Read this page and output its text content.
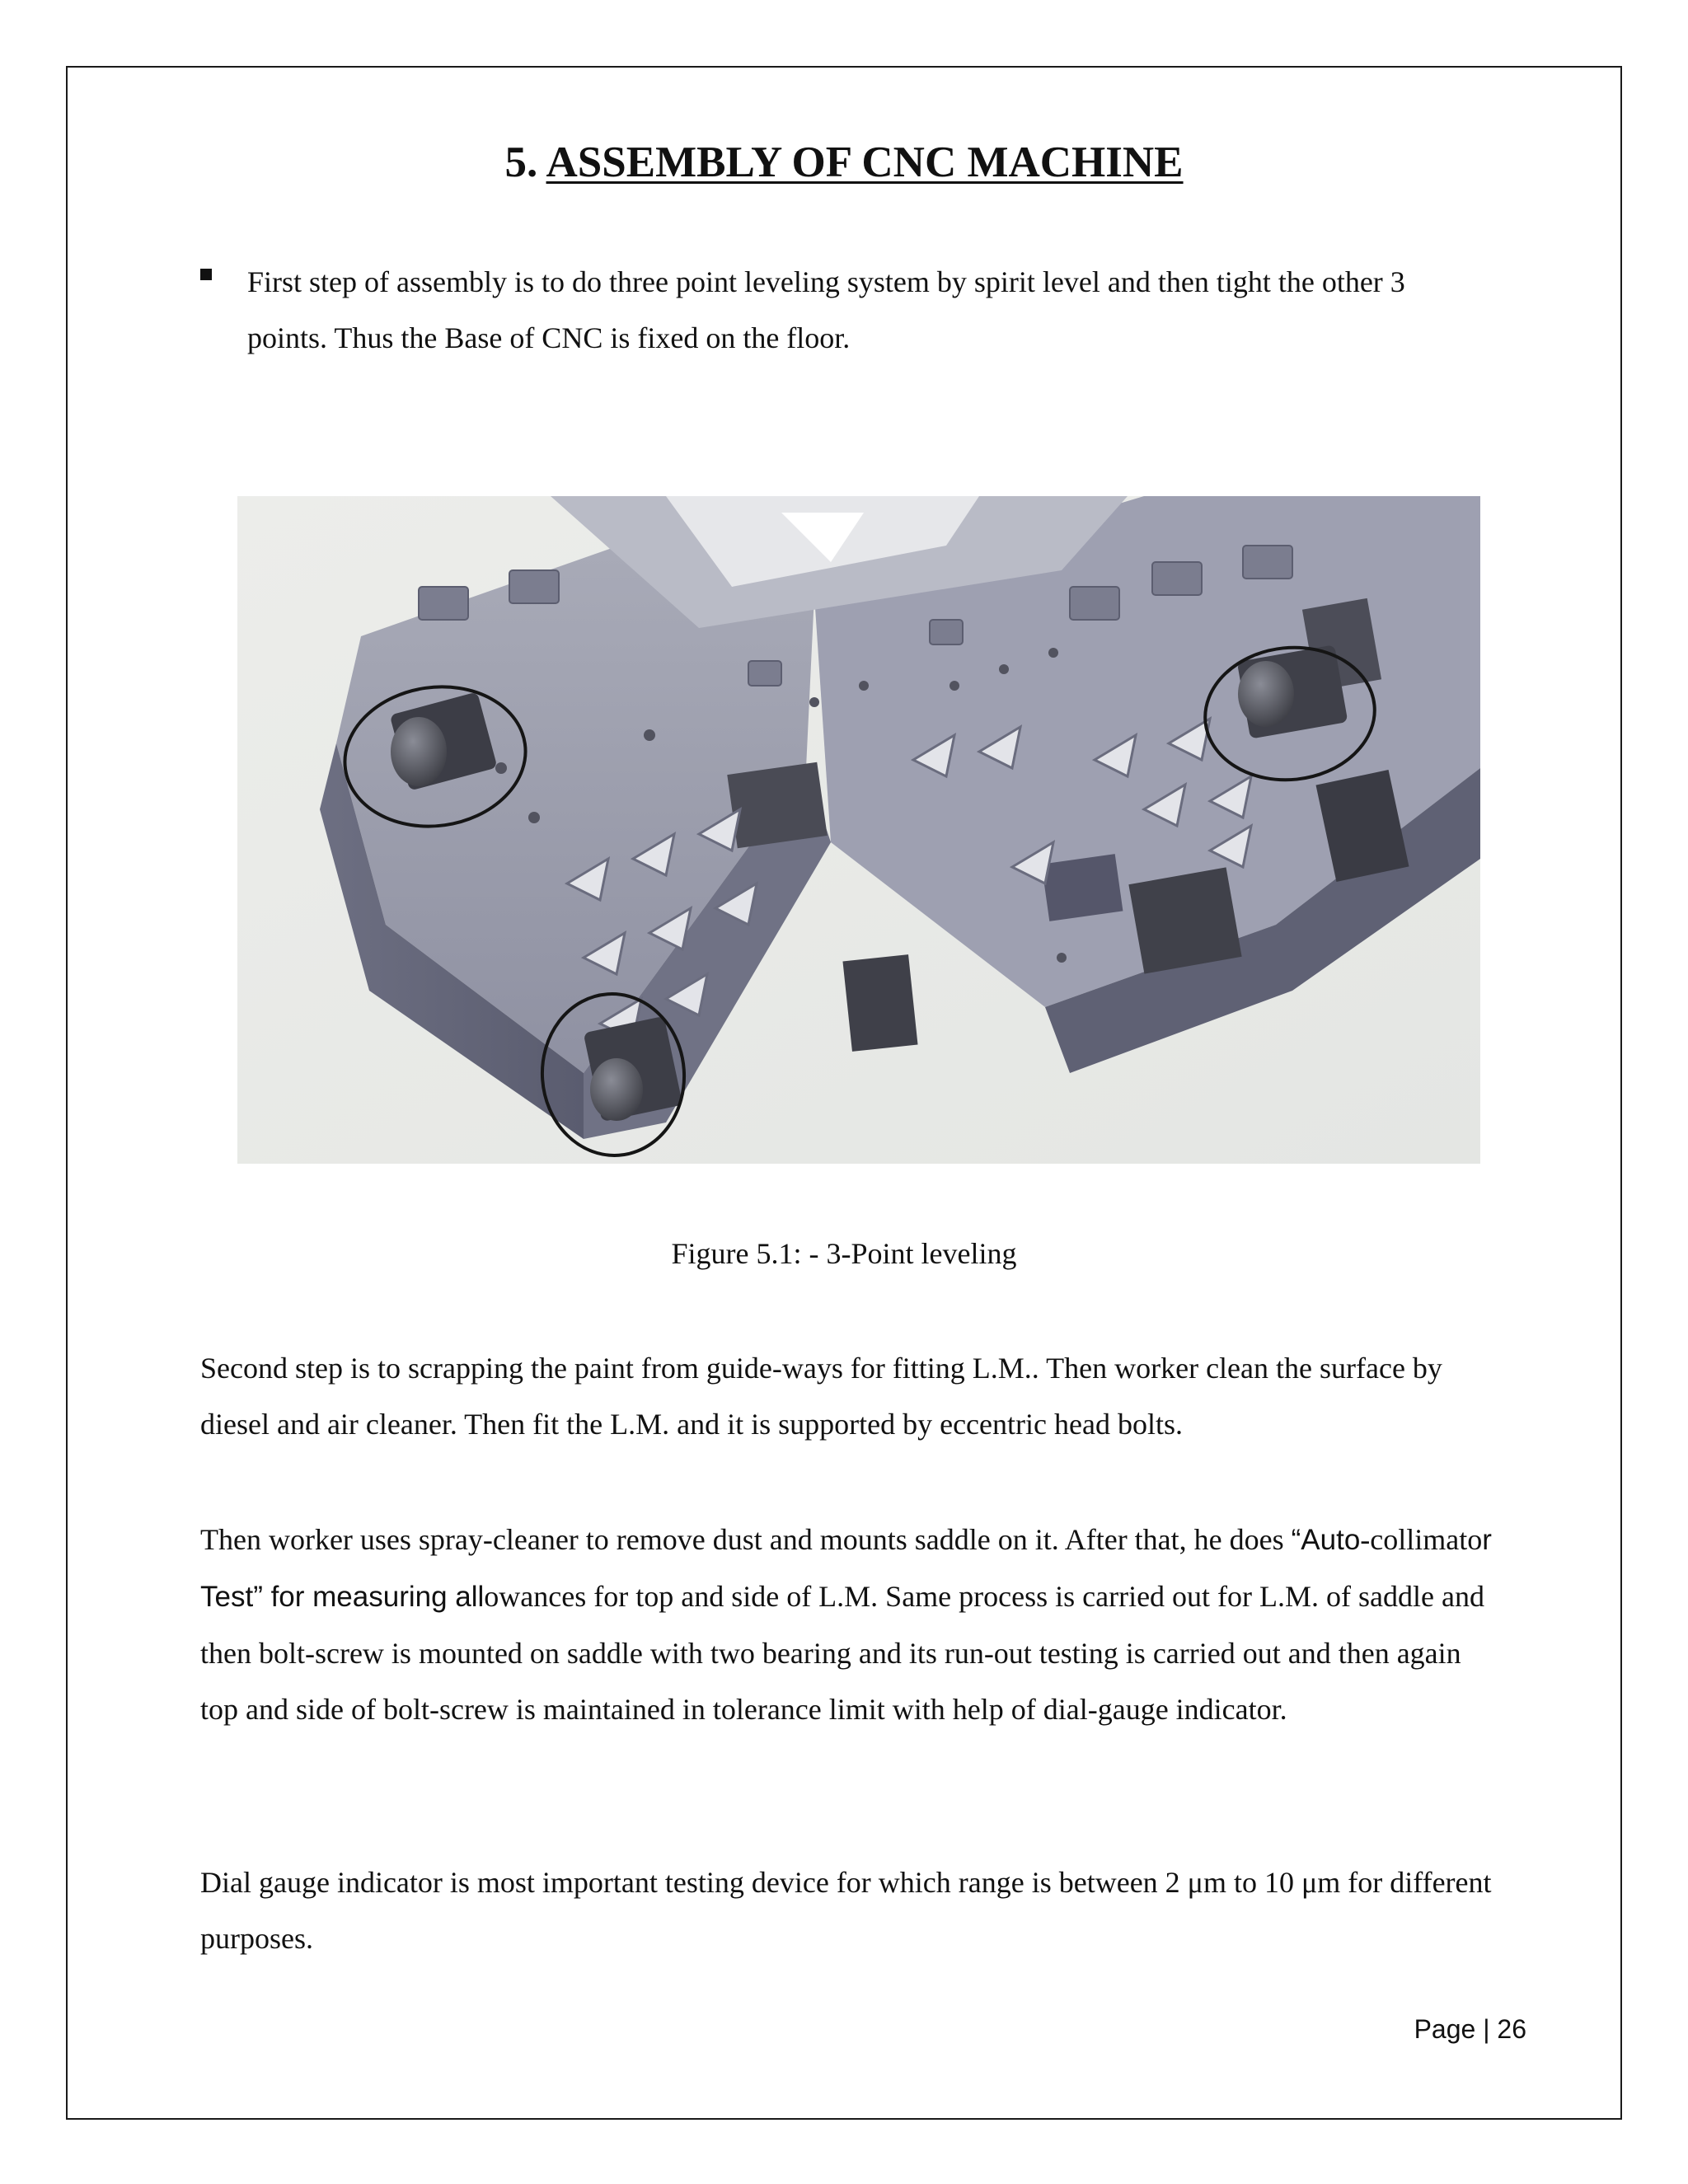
5. ASSEMBLY OF CNC MACHINE

First step of assembly is to do three point leveling system by spirit level and then tight the other 3 points. Thus the Base of CNC is fixed on the floor.

Figure 5.1: - 3-Point leveling

Second step is to scrapping the paint from guide-ways for fitting L.M.. Then worker clean the surface by diesel and air cleaner. Then fit the L.M. and it is supported by eccentric head bolts.

Then worker uses spray-cleaner to remove dust and mounts saddle on it. After that, he does “Auto-collimator Test” for measuring allowances for top and side of L.M. Same process is carried out for L.M. of saddle and then bolt-screw is mounted on saddle with two bearing and its run-out testing is carried out and then again top and side of bolt-screw is maintained in tolerance limit with help of dial-gauge indicator.

Dial gauge indicator is most important testing device for which range is between 2 μm to 10 μm for different purposes.

Page | 26
